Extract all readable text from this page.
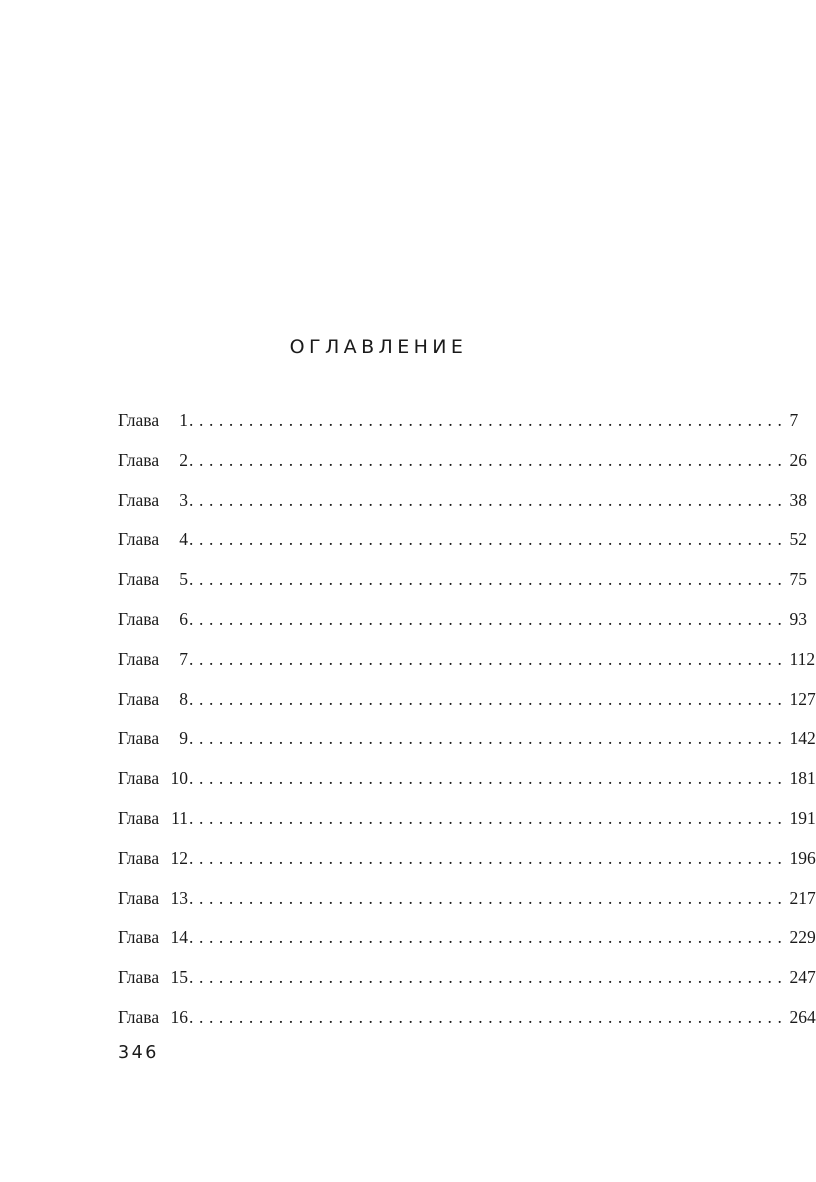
ОГЛАВЛЕНИЕ
Глава	1 ............................................................ 7
Глава	2 ............................................................ 26
Глава	3 ............................................................ 38
Глава	4 ............................................................ 52
Глава	5 ............................................................ 75
Глава	6 ............................................................ 93
Глава	7 ............................................................ 112
Глава	8 ............................................................ 127
Глава	9 ............................................................ 142
Глава 10 ............................................................ 181
Глава 11 ............................................................ 191
Глава 12 ............................................................ 196
Глава 13 ............................................................ 217
Глава 14 ............................................................ 229
Глава 15 ............................................................ 247
Глава 16 ............................................................ 264
346
